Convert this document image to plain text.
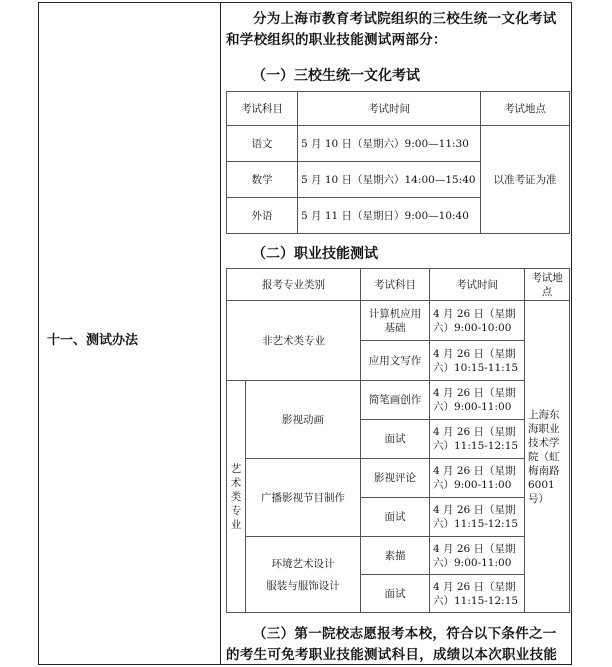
十一、测试办法
分为上海市教育考试院组织的三校生统一文化考试和学校组织的职业技能测试两部分：
（一）三校生统一文化考试
考试科目	考试时间	考试地点
语文	5 月 10 日（星期六）9:00—11:30	以准考证为准
数学	5 月 10 日（星期六）14:00—15:40	
外语	5 月 11 日（星期日）9:00—10:40	
（二）职业技能测试
报考专业类别		考试科目	考试时间	考试地点
非艺术类专业		计算机应用基础	4 月 26 日（星期六）9:00-10:00	上海东海职业技术学院（虹梅南路 6001 号）
		应用文写作	4 月 26 日（星期六）10:15-11:15	
艺术类专业	影视动画	简笔画创作	4 月 26 日（星期六）9:00-11:00	
		面试	4 月 26 日（星期六）11:15-12:15	
	广播影视节目制作	影视评论	4 月 26 日（星期六）9:00-11:00	
		面试	4 月 26 日（星期六）11:15-12:15	

	环境艺术设计
服装与服饰设计	素描	4 月 26 日（星期六）9:00-11:00	
		面试	4 月 26 日（星期六）11:15-12:15	
（三）第一院校志愿报考本校，符合以下条件之一的考生可免考职业技能测试科目，成绩以本次职业技能
